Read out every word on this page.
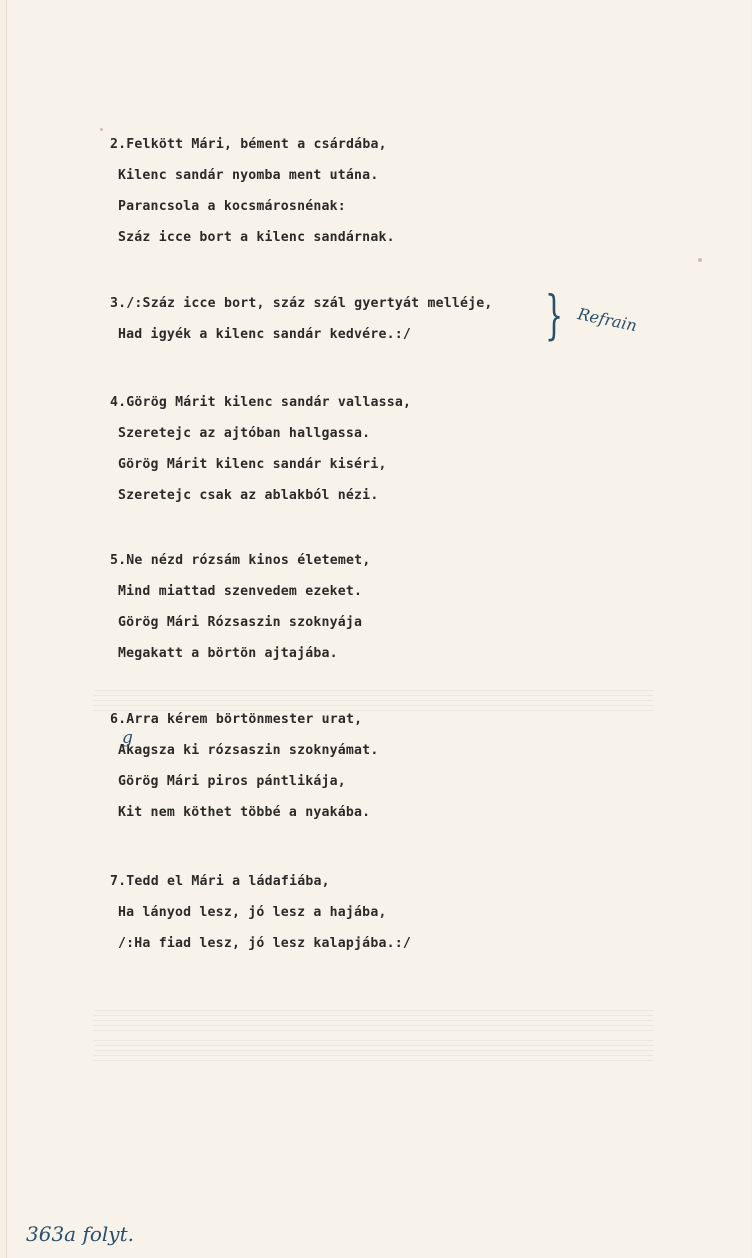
2.Felkött Mári, bément a csárdába,
Kilenc sandár nyomba ment utána.
Parancsola a kocsmárosnénak:
Száz icce bort a kilenc sandárnak.
3./:Száz icce bort, száz szál gyertyát melléje,
Had igyék a kilenc sandár kedvére.:/
4.Görög Márit kilenc sandár vallassa,
Szeretejc az ajtóban hallgassa.
Görög Márit kilenc sandár kiséri,
Szeretejc csak az ablakból nézi.
5.Ne nézd rózsám kinos életemet,
Mind miattad szenvedem ezeket.
Görög Mári Rózsaszin szoknyája
Megakatt a börtön ajtajába.
6.Arra kérem börtönmester urat,
Akagsza ki rózsaszin szoknyámat.
Görög Mári piros pántlikája,
Kit nem köthet többé a nyakába.
7.Tedd el Mári a ládafiába,
Ha lányod lesz, jó lesz a hajába,
/:Ha fiad lesz, jó lesz kalapjába.:/
} Refrain
g
363a folyt.
